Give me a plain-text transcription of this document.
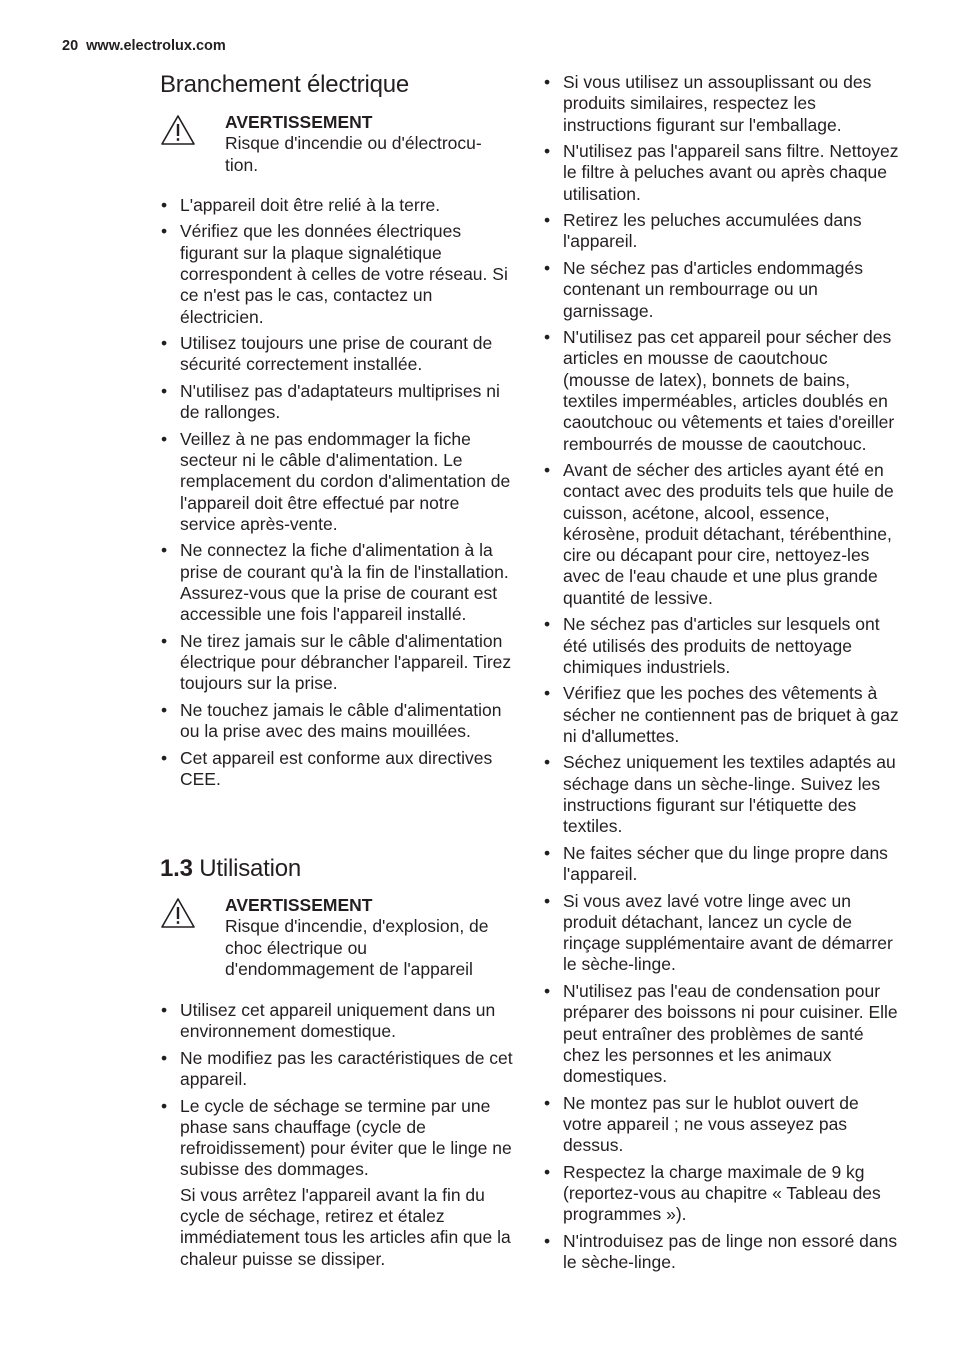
20 www.electrolux.com
Branchement électrique
AVERTISSEMENT
Risque d'incendie ou d'électrocu-tion.
• L'appareil doit être relié à la terre.
• Vérifiez que les données électriques figurant sur la plaque signalétique correspondent à celles de votre réseau. Si ce n'est pas le cas, contactez un électricien.
• Utilisez toujours une prise de courant de sécurité correctement installée.
• N'utilisez pas d'adaptateurs multiprises ni de rallonges.
• Veillez à ne pas endommager la fiche secteur ni le câble d'alimentation. Le remplacement du cordon d'alimentation de l'appareil doit être effectué par notre service après-vente.
• Ne connectez la fiche d'alimentation à la prise de courant qu'à la fin de l'installation. Assurez-vous que la prise de courant est accessible une fois l'appareil installé.
• Ne tirez jamais sur le câble d'alimentation électrique pour débrancher l'appareil. Tirez toujours sur la prise.
• Ne touchez jamais le câble d'alimentation ou la prise avec des mains mouillées.
• Cet appareil est conforme aux directives CEE.
1.3 Utilisation
AVERTISSEMENT
Risque d'incendie, d'explosion, de choc électrique ou d'endommagement de l'appareil
• Utilisez cet appareil uniquement dans un environnement domestique.
• Ne modifiez pas les caractéristiques de cet appareil.
• Le cycle de séchage se termine par une phase sans chauffage (cycle de refroidissement) pour éviter que le linge ne subisse des dommages.
Si vous arrêtez l'appareil avant la fin du cycle de séchage, retirez et étalez immédiatement tous les articles afin que la chaleur puisse se dissiper.
• Si vous utilisez un assouplissant ou des produits similaires, respectez les instructions figurant sur l'emballage.
• N'utilisez pas l'appareil sans filtre. Nettoyez le filtre à peluches avant ou après chaque utilisation.
• Retirez les peluches accumulées dans l'appareil.
• Ne séchez pas d'articles endommagés contenant un rembourrage ou un garnissage.
• N'utilisez pas cet appareil pour sécher des articles en mousse de caoutchouc (mousse de latex), bonnets de bains, textiles imperméables, articles doublés en caoutchouc ou vêtements et taies d'oreiller rembourrés de mousse de caoutchouc.
• Avant de sécher des articles ayant été en contact avec des produits tels que huile de cuisson, acétone, alcool, essence, kérosène, produit détachant, térébenthine, cire ou décapant pour cire, nettoyez-les avec de l'eau chaude et une plus grande quantité de lessive.
• Ne séchez pas d'articles sur lesquels ont été utilisés des produits de nettoyage chimiques industriels.
• Vérifiez que les poches des vêtements à sécher ne contiennent pas de briquet à gaz ni d'allumettes.
• Séchez uniquement les textiles adaptés au séchage dans un sèche-linge. Suivez les instructions figurant sur l'étiquette des textiles.
• Ne faites sécher que du linge propre dans l'appareil.
• Si vous avez lavé votre linge avec un produit détachant, lancez un cycle de rinçage supplémentaire avant de démarrer le sèche-linge.
• N'utilisez pas l'eau de condensation pour préparer des boissons ni pour cuisiner. Elle peut entraîner des problèmes de santé chez les personnes et les animaux domestiques.
• Ne montez pas sur le hublot ouvert de votre appareil ; ne vous asseyez pas dessus.
• Respectez la charge maximale de 9 kg (reportez-vous au chapitre « Tableau des programmes »).
• N'introduisez pas de linge non essoré dans le sèche-linge.
